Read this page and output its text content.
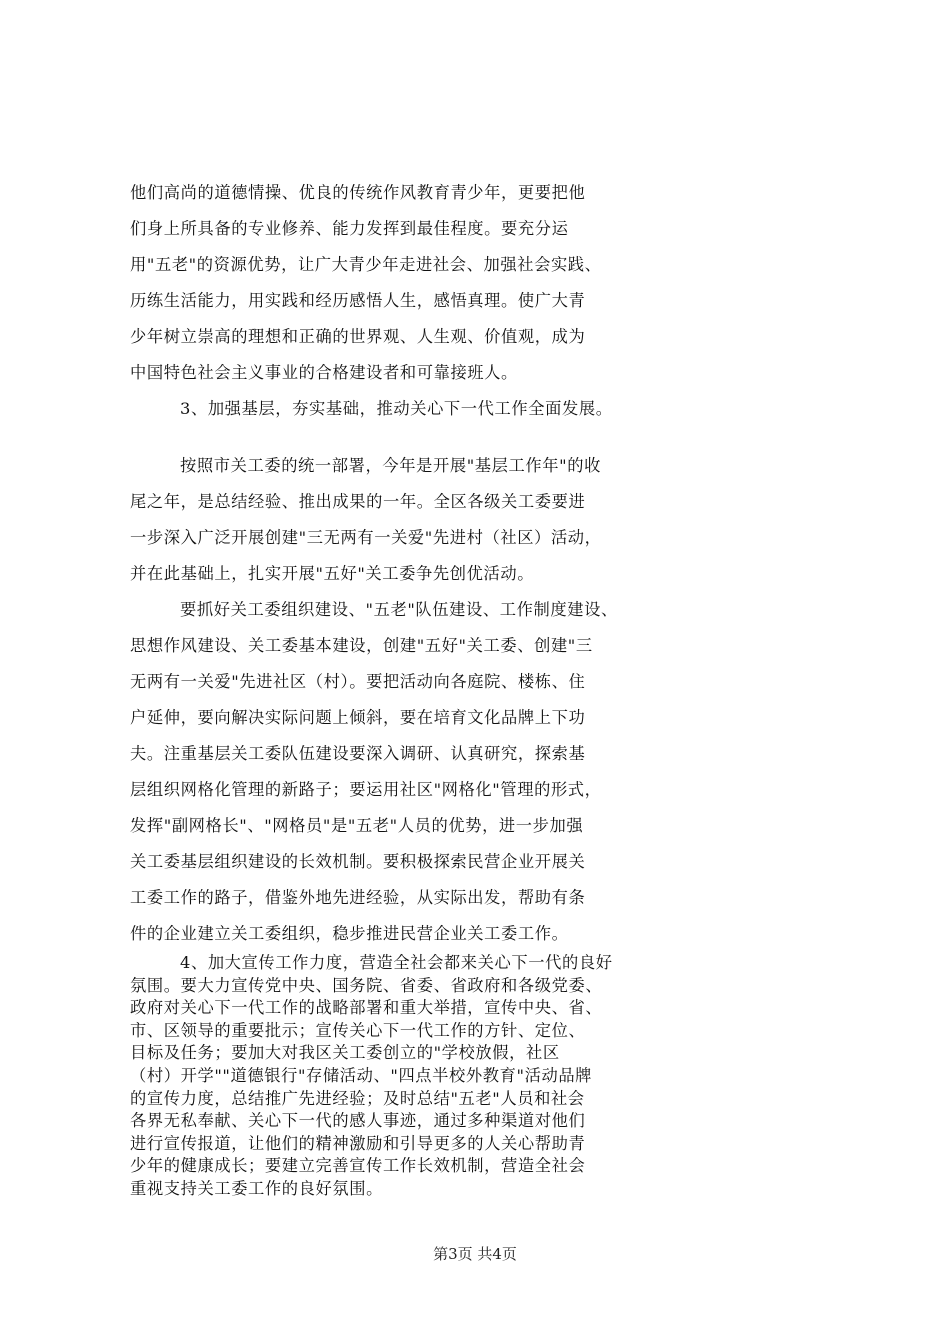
他们高尚的道德情操、优良的传统作风教育青少年，更要把他
们身上所具备的专业修养、能力发挥到最佳程度。要充分运
用"五老"的资源优势，让广大青少年走进社会、加强社会实践、
历练生活能力，用实践和经历感悟人生，感悟真理。使广大青
少年树立崇高的理想和正确的世界观、人生观、价值观，成为
中国特色社会主义事业的合格建设者和可靠接班人。
3、加强基层，夯实基础，推动关心下一代工作全面发展。
按照市关工委的统一部署，今年是开展"基层工作年"的收
尾之年，是总结经验、推出成果的一年。全区各级关工委要进
一步深入广泛开展创建"三无两有一关爱"先进村（社区）活动，
并在此基础上，扎实开展"五好"关工委争先创优活动。
要抓好关工委组织建设、"五老"队伍建设、工作制度建设、
思想作风建设、关工委基本建设，创建"五好"关工委、创建"三
无两有一关爱"先进社区（村）。要把活动向各庭院、楼栋、住
户延伸，要向解决实际问题上倾斜，要在培育文化品牌上下功
夫。注重基层关工委队伍建设要深入调研、认真研究，探索基
层组织网格化管理的新路子；要运用社区"网格化"管理的形式，
发挥"副网格长"、"网格员"是"五老"人员的优势，进一步加强
关工委基层组织建设的长效机制。要积极探索民营企业开展关
工委工作的路子，借鉴外地先进经验，从实际出发，帮助有条
件的企业建立关工委组织，稳步推进民营企业关工委工作。
4、加大宣传工作力度，营造全社会都来关心下一代的良好
氛围。要大力宣传党中央、国务院、省委、省政府和各级党委、
政府对关心下一代工作的战略部署和重大举措，宣传中央、省、
市、区领导的重要批示；宣传关心下一代工作的方针、定位、
目标及任务；要加大对我区关工委创立的"学校放假，社区
（村）开学""道德银行"存储活动、"四点半校外教育"活动品牌
的宣传力度，总结推广先进经验；及时总结"五老"人员和社会
各界无私奉献、关心下一代的感人事迹，通过多种渠道对他们
第3页 共4页
进行宣传报道，让他们的精神激励和引导更多的人关心帮助青
少年的健康成长；要建立完善宣传工作长效机制，营造全社会
重视支持关工委工作的良好氛围。
